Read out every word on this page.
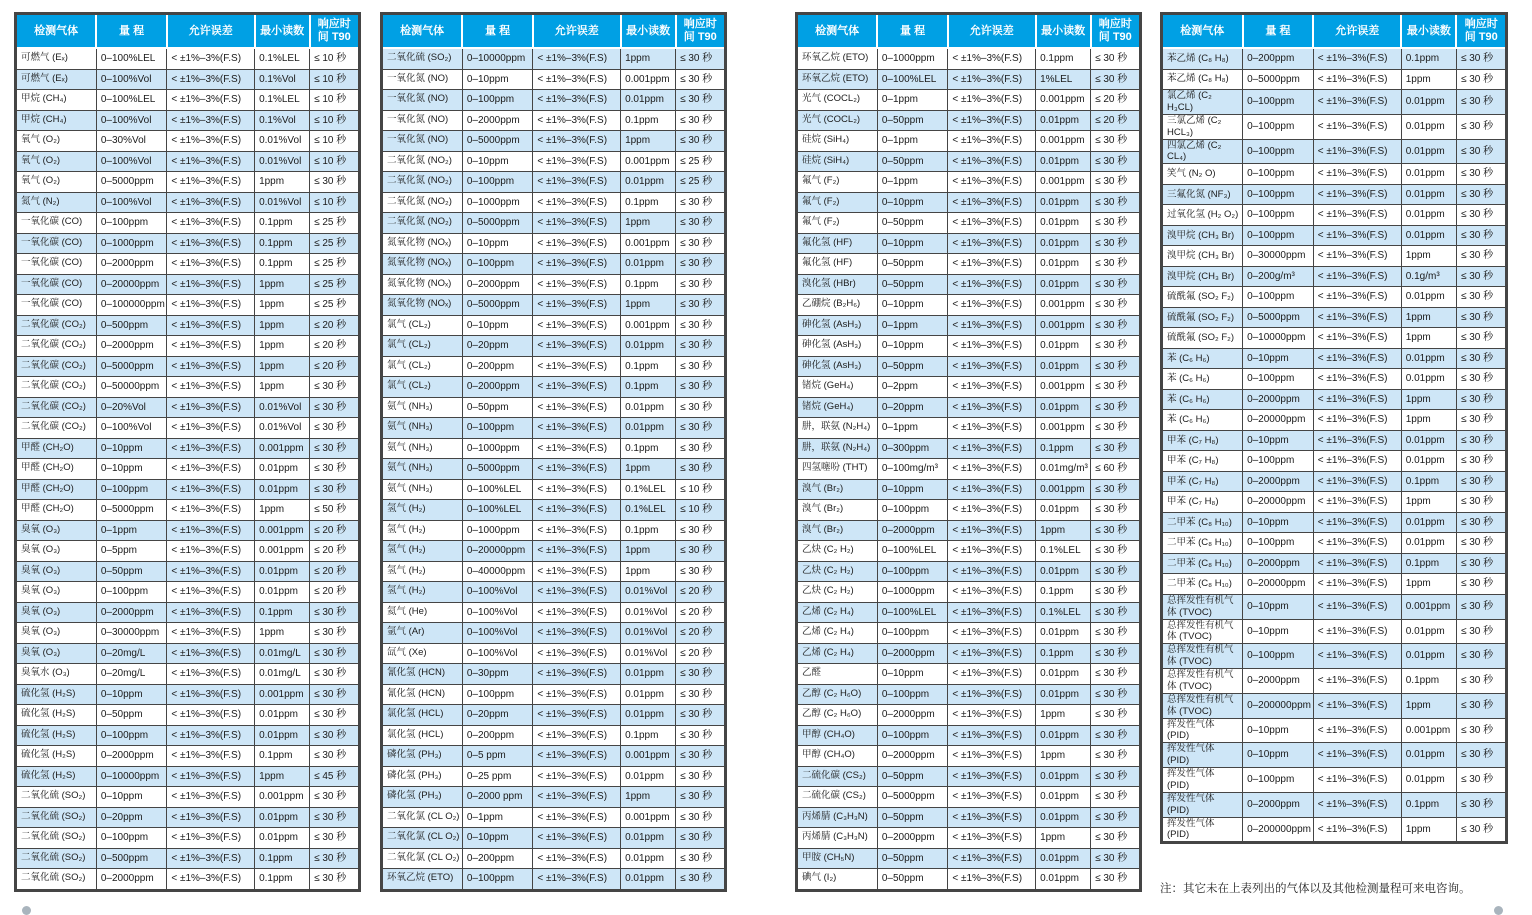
检测气体	量 程	允许误差	最小读数	响应时间 T90
可燃气 (Eₓ)	0–100%LEL	< ±1%–3%(F.S)	0.1%LEL	≤ 10 秒
可燃气 (Eₓ)	0–100%Vol	< ±1%–3%(F.S)	0.1%Vol	≤ 10 秒
甲烷 (CH₄)	0–100%LEL	< ±1%–3%(F.S)	0.1%LEL	≤ 10 秒
甲烷 (CH₄)	0–100%Vol	< ±1%–3%(F.S)	0.1%Vol	≤ 10 秒
氧气 (O₂)	0–30%Vol	< ±1%–3%(F.S)	0.01%Vol	≤ 10 秒
氧气 (O₂)	0–100%Vol	< ±1%–3%(F.S)	0.01%Vol	≤ 10 秒
氧气 (O₂)	0–5000ppm	< ±1%–3%(F.S)	1ppm	≤ 30 秒
氮气 (N₂)	0–100%Vol	< ±1%–3%(F.S)	0.01%Vol	≤ 10 秒
一氧化碳 (CO)	0–100ppm	< ±1%–3%(F.S)	0.1ppm	≤ 25 秒
一氧化碳 (CO)	0–1000ppm	< ±1%–3%(F.S)	0.1ppm	≤ 25 秒
一氧化碳 (CO)	0–2000ppm	< ±1%–3%(F.S)	0.1ppm	≤ 25 秒
一氧化碳 (CO)	0–20000ppm	< ±1%–3%(F.S)	1ppm	≤ 25 秒
一氧化碳 (CO)	0–100000ppm	< ±1%–3%(F.S)	1ppm	≤ 25 秒
二氧化碳 (CO₂)	0–500ppm	< ±1%–3%(F.S)	1ppm	≤ 20 秒
二氧化碳 (CO₂)	0–2000ppm	< ±1%–3%(F.S)	1ppm	≤ 20 秒
二氧化碳 (CO₂)	0–5000ppm	< ±1%–3%(F.S)	1ppm	≤ 20 秒
二氧化碳 (CO₂)	0–50000ppm	< ±1%–3%(F.S)	1ppm	≤ 30 秒
二氧化碳 (CO₂)	0–20%Vol	< ±1%–3%(F.S)	0.01%Vol	≤ 30 秒
二氧化碳 (CO₂)	0–100%Vol	< ±1%–3%(F.S)	0.01%Vol	≤ 30 秒
甲醛 (CH₂O)	0–10ppm	< ±1%–3%(F.S)	0.001ppm	≤ 30 秒
甲醛 (CH₂O)	0–10ppm	< ±1%–3%(F.S)	0.01ppm	≤ 30 秒
甲醛 (CH₂O)	0–100ppm	< ±1%–3%(F.S)	0.01ppm	≤ 30 秒
甲醛 (CH₂O)	0–5000ppm	< ±1%–3%(F.S)	1ppm	≤ 50 秒
臭氧 (O₃)	0–1ppm	< ±1%–3%(F.S)	0.001ppm	≤ 20 秒
臭氧 (O₃)	0–5ppm	< ±1%–3%(F.S)	0.001ppm	≤ 20 秒
臭氧 (O₃)	0–50ppm	< ±1%–3%(F.S)	0.01ppm	≤ 20 秒
臭氧 (O₃)	0–100ppm	< ±1%–3%(F.S)	0.01ppm	≤ 20 秒
臭氧 (O₃)	0–2000ppm	< ±1%–3%(F.S)	0.1ppm	≤ 30 秒
臭氧 (O₃)	0–30000ppm	< ±1%–3%(F.S)	1ppm	≤ 30 秒
臭氧 (O₃)	0–20mg/L	< ±1%–3%(F.S)	0.01mg/L	≤ 30 秒
臭氧水 (O₃)	0–20mg/L	< ±1%–3%(F.S)	0.01mg/L	≤ 30 秒
硫化氢 (H₂S)	0–10ppm	< ±1%–3%(F.S)	0.001ppm	≤ 30 秒
硫化氢 (H₂S)	0–50ppm	< ±1%–3%(F.S)	0.01ppm	≤ 30 秒
硫化氢 (H₂S)	0–100ppm	< ±1%–3%(F.S)	0.01ppm	≤ 30 秒
硫化氢 (H₂S)	0–2000ppm	< ±1%–3%(F.S)	0.1ppm	≤ 30 秒
硫化氢 (H₂S)	0–10000ppm	< ±1%–3%(F.S)	1ppm	≤ 45 秒
二氧化硫 (SO₂)	0–10ppm	< ±1%–3%(F.S)	0.001ppm	≤ 30 秒
二氧化硫 (SO₂)	0–20ppm	< ±1%–3%(F.S)	0.01ppm	≤ 30 秒
二氧化硫 (SO₂)	0–100ppm	< ±1%–3%(F.S)	0.01ppm	≤ 30 秒
二氧化硫 (SO₂)	0–500ppm	< ±1%–3%(F.S)	0.1ppm	≤ 30 秒
二氧化硫 (SO₂)	0–2000ppm	< ±1%–3%(F.S)	0.1ppm	≤ 30 秒
检测气体	量 程	允许误差	最小读数	响应时间 T90
二氧化硫 (SO₂)	0–10000ppm	< ±1%–3%(F.S)	1ppm	≤ 30 秒
一氧化氮 (NO)	0–10ppm	< ±1%–3%(F.S)	0.001ppm	≤ 30 秒
一氧化氮 (NO)	0–100ppm	< ±1%–3%(F.S)	0.01ppm	≤ 30 秒
一氧化氮 (NO)	0–2000ppm	< ±1%–3%(F.S)	0.1ppm	≤ 30 秒
一氧化氮 (NO)	0–5000ppm	< ±1%–3%(F.S)	1ppm	≤ 30 秒
二氧化氮 (NO₂)	0–10ppm	< ±1%–3%(F.S)	0.001ppm	≤ 25 秒
二氧化氮 (NO₂)	0–100ppm	< ±1%–3%(F.S)	0.01ppm	≤ 25 秒
二氧化氮 (NO₂)	0–1000ppm	< ±1%–3%(F.S)	0.1ppm	≤ 30 秒
二氧化氮 (NO₂)	0–5000ppm	< ±1%–3%(F.S)	1ppm	≤ 30 秒
氮氧化物 (NOₓ)	0–10ppm	< ±1%–3%(F.S)	0.001ppm	≤ 30 秒
氮氧化物 (NOₓ)	0–100ppm	< ±1%–3%(F.S)	0.01ppm	≤ 30 秒
氮氧化物 (NOₓ)	0–2000ppm	< ±1%–3%(F.S)	0.1ppm	≤ 30 秒
氮氧化物 (NOₓ)	0–5000ppm	< ±1%–3%(F.S)	1ppm	≤ 30 秒
氯气 (CL₂)	0–10ppm	< ±1%–3%(F.S)	0.001ppm	≤ 30 秒
氯气 (CL₂)	0–20ppm	< ±1%–3%(F.S)	0.01ppm	≤ 30 秒
氯气 (CL₂)	0–200ppm	< ±1%–3%(F.S)	0.1ppm	≤ 30 秒
氯气 (CL₂)	0–2000ppm	< ±1%–3%(F.S)	0.1ppm	≤ 30 秒
氨气 (NH₃)	0–50ppm	< ±1%–3%(F.S)	0.01ppm	≤ 30 秒
氨气 (NH₃)	0–100ppm	< ±1%–3%(F.S)	0.01ppm	≤ 30 秒
氨气 (NH₃)	0–1000ppm	< ±1%–3%(F.S)	0.1ppm	≤ 30 秒
氨气 (NH₃)	0–5000ppm	< ±1%–3%(F.S)	1ppm	≤ 30 秒
氨气 (NH₃)	0–100%LEL	< ±1%–3%(F.S)	0.1%LEL	≤ 10 秒
氢气 (H₂)	0–100%LEL	< ±1%–3%(F.S)	0.1%LEL	≤ 10 秒
氢气 (H₂)	0–1000ppm	< ±1%–3%(F.S)	0.1ppm	≤ 30 秒
氢气 (H₂)	0–20000ppm	< ±1%–3%(F.S)	1ppm	≤ 30 秒
氢气 (H₂)	0–40000ppm	< ±1%–3%(F.S)	1ppm	≤ 30 秒
氢气 (H₂)	0–100%Vol	< ±1%–3%(F.S)	0.01%Vol	≤ 20 秒
氦气 (He)	0–100%Vol	< ±1%–3%(F.S)	0.01%Vol	≤ 20 秒
氩气 (Ar)	0–100%Vol	< ±1%–3%(F.S)	0.01%Vol	≤ 20 秒
氙气 (Xe)	0–100%Vol	< ±1%–3%(F.S)	0.01%Vol	≤ 20 秒
氰化氢 (HCN)	0–30ppm	< ±1%–3%(F.S)	0.01ppm	≤ 30 秒
氰化氢 (HCN)	0–100ppm	< ±1%–3%(F.S)	0.01ppm	≤ 30 秒
氯化氢 (HCL)	0–20ppm	< ±1%–3%(F.S)	0.01ppm	≤ 30 秒
氯化氢 (HCL)	0–200ppm	< ±1%–3%(F.S)	0.1ppm	≤ 30 秒
磷化氢 (PH₃)	0–5 ppm	< ±1%–3%(F.S)	0.001ppm	≤ 30 秒
磷化氢 (PH₃)	0–25 ppm	< ±1%–3%(F.S)	0.01ppm	≤ 30 秒
磷化氢 (PH₃)	0–2000 ppm	< ±1%–3%(F.S)	1ppm	≤ 30 秒
二氧化氯 (CL O₂)	0–1ppm	< ±1%–3%(F.S)	0.001ppm	≤ 30 秒
二氧化氯 (CL O₂)	0–10ppm	< ±1%–3%(F.S)	0.01ppm	≤ 30 秒
二氧化氯 (CL O₂)	0–200ppm	< ±1%–3%(F.S)	0.01ppm	≤ 30 秒
环氧乙烷 (ETO)	0–100ppm	< ±1%–3%(F.S)	0.01ppm	≤ 30 秒
检测气体	量 程	允许误差	最小读数	响应时间 T90
环氧乙烷 (ETO)	0–1000ppm	< ±1%–3%(F.S)	0.1ppm	≤ 30 秒
环氧乙烷 (ETO)	0–100%LEL	< ±1%–3%(F.S)	1%LEL	≤ 30 秒
光气 (COCL₂)	0–1ppm	< ±1%–3%(F.S)	0.001ppm	≤ 20 秒
光气 (COCL₂)	0–50ppm	< ±1%–3%(F.S)	0.01ppm	≤ 20 秒
硅烷 (SiH₄)	0–1ppm	< ±1%–3%(F.S)	0.001ppm	≤ 30 秒
硅烷 (SiH₄)	0–50ppm	< ±1%–3%(F.S)	0.01ppm	≤ 30 秒
氟气 (F₂)	0–1ppm	< ±1%–3%(F.S)	0.001ppm	≤ 30 秒
氟气 (F₂)	0–10ppm	< ±1%–3%(F.S)	0.01ppm	≤ 30 秒
氟气 (F₂)	0–50ppm	< ±1%–3%(F.S)	0.01ppm	≤ 30 秒
氟化氢 (HF)	0–10ppm	< ±1%–3%(F.S)	0.01ppm	≤ 30 秒
氟化氢 (HF)	0–50ppm	< ±1%–3%(F.S)	0.01ppm	≤ 30 秒
溴化氢 (HBr)	0–50ppm	< ±1%–3%(F.S)	0.01ppm	≤ 30 秒
乙硼烷 (B₂H₆)	0–10ppm	< ±1%–3%(F.S)	0.001ppm	≤ 30 秒
砷化氢 (AsH₃)	0–1ppm	< ±1%–3%(F.S)	0.001ppm	≤ 30 秒
砷化氢 (AsH₃)	0–10ppm	< ±1%–3%(F.S)	0.01ppm	≤ 30 秒
砷化氢 (AsH₃)	0–50ppm	< ±1%–3%(F.S)	0.01ppm	≤ 30 秒
锗烷 (GeH₄)	0–2ppm	< ±1%–3%(F.S)	0.001ppm	≤ 30 秒
锗烷 (GeH₄)	0–20ppm	< ±1%–3%(F.S)	0.01ppm	≤ 30 秒
肼，联氨 (N₂H₄)	0–1ppm	< ±1%–3%(F.S)	0.001ppm	≤ 30 秒
肼，联氨 (N₂H₄)	0–300ppm	< ±1%–3%(F.S)	0.1ppm	≤ 30 秒
四氢噻吩 (THT)	0–100mg/m³	< ±1%–3%(F.S)	0.01mg/m³	≤ 60 秒
溴气 (Br₂)	0–10ppm	< ±1%–3%(F.S)	0.001ppm	≤ 30 秒
溴气 (Br₂)	0–100ppm	< ±1%–3%(F.S)	0.01ppm	≤ 30 秒
溴气 (Br₂)	0–2000ppm	< ±1%–3%(F.S)	1ppm	≤ 30 秒
乙炔 (C₂ H₂)	0–100%LEL	< ±1%–3%(F.S)	0.1%LEL	≤ 30 秒
乙炔 (C₂ H₂)	0–100ppm	< ±1%–3%(F.S)	0.01ppm	≤ 30 秒
乙炔 (C₂ H₂)	0–1000ppm	< ±1%–3%(F.S)	0.1ppm	≤ 30 秒
乙烯 (C₂ H₄)	0–100%LEL	< ±1%–3%(F.S)	0.1%LEL	≤ 30 秒
乙烯 (C₂ H₄)	0–100ppm	< ±1%–3%(F.S)	0.01ppm	≤ 30 秒
乙烯 (C₂ H₄)	0–2000ppm	< ±1%–3%(F.S)	0.1ppm	≤ 30 秒
乙醛	0–10ppm	< ±1%–3%(F.S)	0.01ppm	≤ 30 秒
乙醇 (C₂ H₆O)	0–100ppm	< ±1%–3%(F.S)	0.01ppm	≤ 30 秒
乙醇 (C₂ H₆O)	0–2000ppm	< ±1%–3%(F.S)	1ppm	≤ 30 秒
甲醇 (CH₄O)	0–100ppm	< ±1%–3%(F.S)	0.01ppm	≤ 30 秒
甲醇 (CH₄O)	0–2000ppm	< ±1%–3%(F.S)	1ppm	≤ 30 秒
二硫化碳 (CS₂)	0–50ppm	< ±1%–3%(F.S)	0.01ppm	≤ 30 秒
二硫化碳 (CS₂)	0–5000ppm	< ±1%–3%(F.S)	0.01ppm	≤ 30 秒
丙烯腈 (C₃H₃N)	0–50ppm	< ±1%–3%(F.S)	0.01ppm	≤ 30 秒
丙烯腈 (C₃H₃N)	0–2000ppm	< ±1%–3%(F.S)	1ppm	≤ 30 秒
甲胺 (CH₅N)	0–50ppm	< ±1%–3%(F.S)	0.01ppm	≤ 30 秒
碘气 (I₂)	0–50ppm	< ±1%–3%(F.S)	0.01ppm	≤ 30 秒
检测气体	量 程	允许误差	最小读数	响应时间 T90
苯乙烯 (C₈ H₈)	0–200ppm	< ±1%–3%(F.S)	0.1ppm	≤ 30 秒
苯乙烯 (C₈ H₈)	0–5000ppm	< ±1%–3%(F.S)	1ppm	≤ 30 秒
氯乙烯 (C₂ H₃CL)	0–100ppm	< ±1%–3%(F.S)	0.01ppm	≤ 30 秒
三氯乙烯 (C₂ HCL₃)	0–100ppm	< ±1%–3%(F.S)	0.01ppm	≤ 30 秒
四氯乙烯 (C₂ CL₄)	0–100ppm	< ±1%–3%(F.S)	0.01ppm	≤ 30 秒
笑气 (N₂ O)	0–100ppm	< ±1%–3%(F.S)	0.01ppm	≤ 30 秒
三氟化氮 (NF₃)	0–100ppm	< ±1%–3%(F.S)	0.01ppm	≤ 30 秒
过氧化氢 (H₂ O₂)	0–100ppm	< ±1%–3%(F.S)	0.01ppm	≤ 30 秒
溴甲烷 (CH₃ Br)	0–100ppm	< ±1%–3%(F.S)	0.01ppm	≤ 30 秒
溴甲烷 (CH₃ Br)	0–30000ppm	< ±1%–3%(F.S)	1ppm	≤ 30 秒
溴甲烷 (CH₃ Br)	0–200g/m³	< ±1%–3%(F.S)	0.1g/m³	≤ 30 秒
硫酰氟 (SO₂ F₂)	0–100ppm	< ±1%–3%(F.S)	0.01ppm	≤ 30 秒
硫酰氟 (SO₂ F₂)	0–5000ppm	< ±1%–3%(F.S)	1ppm	≤ 30 秒
硫酰氟 (SO₂ F₂)	0–10000ppm	< ±1%–3%(F.S)	1ppm	≤ 30 秒
苯 (C₆ H₆)	0–10ppm	< ±1%–3%(F.S)	0.01ppm	≤ 30 秒
苯 (C₆ H₆)	0–100ppm	< ±1%–3%(F.S)	0.01ppm	≤ 30 秒
苯 (C₆ H₆)	0–2000ppm	< ±1%–3%(F.S)	1ppm	≤ 30 秒
苯 (C₆ H₆)	0–20000ppm	< ±1%–3%(F.S)	1ppm	≤ 30 秒
甲苯 (C₇ H₈)	0–10ppm	< ±1%–3%(F.S)	0.01ppm	≤ 30 秒
甲苯 (C₇ H₈)	0–100ppm	< ±1%–3%(F.S)	0.01ppm	≤ 30 秒
甲苯 (C₇ H₈)	0–2000ppm	< ±1%–3%(F.S)	0.1ppm	≤ 30 秒
甲苯 (C₇ H₈)	0–20000ppm	< ±1%–3%(F.S)	1ppm	≤ 30 秒
二甲苯 (C₈ H₁₀)	0–10ppm	< ±1%–3%(F.S)	0.01ppm	≤ 30 秒
二甲苯 (C₈ H₁₀)	0–100ppm	< ±1%–3%(F.S)	0.01ppm	≤ 30 秒
二甲苯 (C₈ H₁₀)	0–2000ppm	< ±1%–3%(F.S)	0.1ppm	≤ 30 秒
二甲苯 (C₈ H₁₀)	0–20000ppm	< ±1%–3%(F.S)	1ppm	≤ 30 秒
总挥发性有机气体 (TVOC)	0–10ppm	< ±1%–3%(F.S)	0.001ppm	≤ 30 秒
总挥发性有机气体 (TVOC)	0–10ppm	< ±1%–3%(F.S)	0.01ppm	≤ 30 秒
总挥发性有机气体 (TVOC)	0–100ppm	< ±1%–3%(F.S)	0.01ppm	≤ 30 秒
总挥发性有机气体 (TVOC)	0–2000ppm	< ±1%–3%(F.S)	0.1ppm	≤ 30 秒
总挥发性有机气体 (TVOC)	0–200000ppm	< ±1%–3%(F.S)	1ppm	≤ 30 秒
挥发性气体 (PID)	0–10ppm	< ±1%–3%(F.S)	0.001ppm	≤ 30 秒
挥发性气体 (PID)	0–10ppm	< ±1%–3%(F.S)	0.01ppm	≤ 30 秒
挥发性气体 (PID)	0–100ppm	< ±1%–3%(F.S)	0.01ppm	≤ 30 秒
挥发性气体 (PID)	0–2000ppm	< ±1%–3%(F.S)	0.1ppm	≤ 30 秒
挥发性气体 (PID)	0–200000ppm	< ±1%–3%(F.S)	1ppm	≤ 30 秒
注：其它未在上表列出的气体以及其他检测量程可来电咨询。
